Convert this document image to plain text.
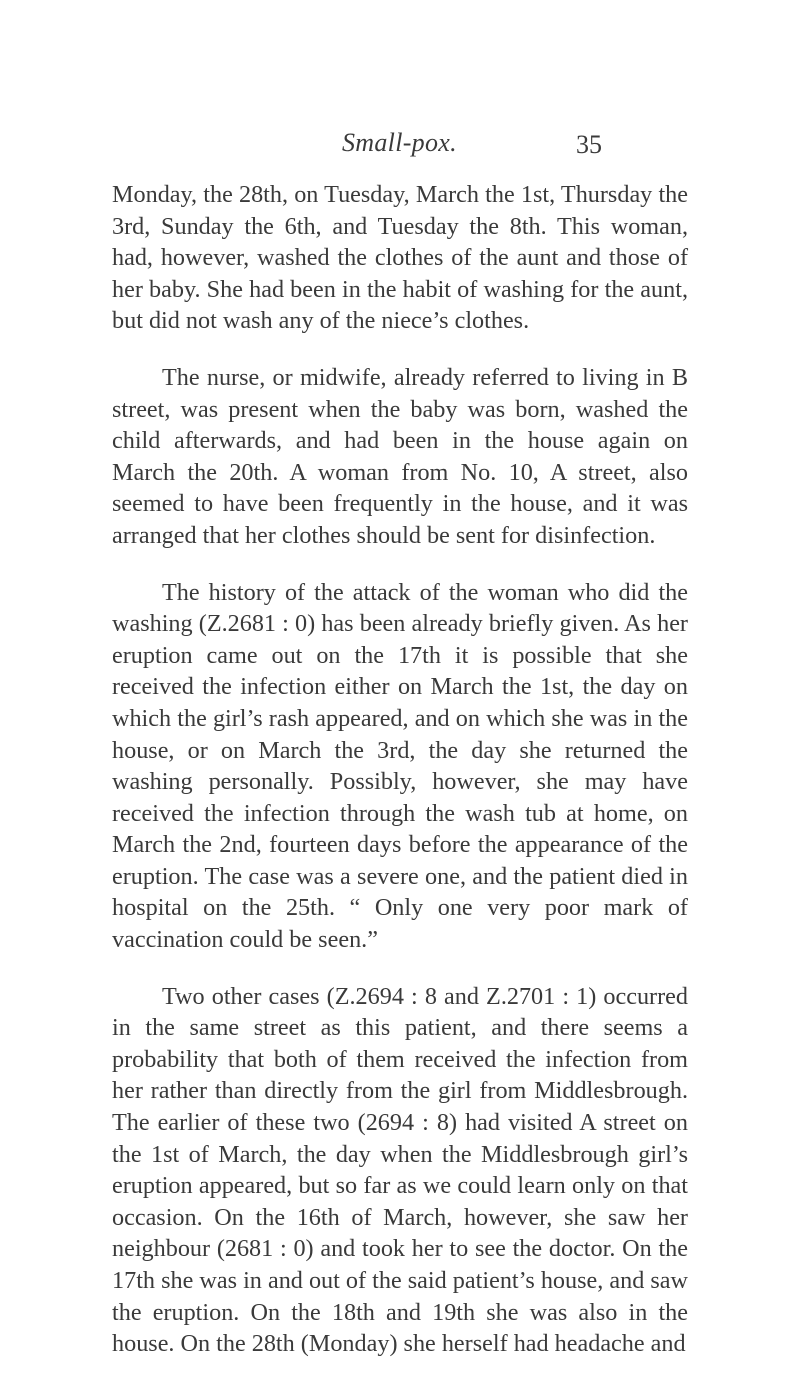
Small-pox.	35

Monday, the 28th, on Tuesday, March the 1st, Thursday the 3rd, Sunday the 6th, and Tuesday the 8th. This woman, had, however, washed the clothes of the aunt and those of her baby. She had been in the habit of washing for the aunt, but did not wash any of the niece’s clothes.

The nurse, or midwife, already referred to living in B street, was present when the baby was born, washed the child afterwards, and had been in the house again on March the 20th. A woman from No. 10, A street, also seemed to have been frequently in the house, and it was arranged that her clothes should be sent for disinfection.

The history of the attack of the woman who did the washing (Z.2681 : 0) has been already briefly given. As her eruption came out on the 17th it is possible that she received the infection either on March the 1st, the day on which the girl’s rash appeared, and on which she was in the house, or on March the 3rd, the day she returned the washing personally. Possibly, however, she may have received the infection through the wash tub at home, on March the 2nd, fourteen days before the appearance of the eruption. The case was a severe one, and the patient died in hospital on the 25th. “ Only one very poor mark of vaccination could be seen.”

Two other cases (Z.2694 : 8 and Z.2701 : 1) occurred in the same street as this patient, and there seems a probability that both of them received the infection from her rather than directly from the girl from Middlesbrough. The earlier of these two (2694 : 8) had visited A street on the 1st of March, the day when the Middlesbrough girl’s eruption appeared, but so far as we could learn only on that occasion. On the 16th of March, however, she saw her neighbour (2681 : 0) and took her to see the doctor. On the 17th she was in and out of the said patient’s house, and saw the eruption. On the 18th and 19th she was also in the house. On the 28th (Monday) she herself had headache and
